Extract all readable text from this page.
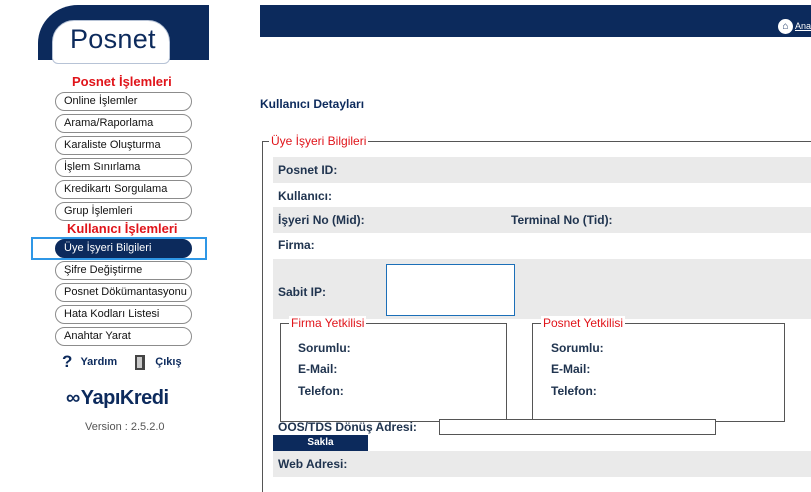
Posnet
Posnet İşlemleri
Online İşlemler
Arama/Raporlama
Karaliste Oluşturma
İşlem Sınırlama
Kredikartı Sorgulama
Grup İşlemleri
Kullanıcı İşlemleri
Üye İşyeri Bilgileri
Şifre Değiştirme
Posnet Dökümantasyonu
Hata Kodları Listesi
Anahtar Yarat
? Yardım	Çıkış
∞YapıKredi
Version : 2.5.2.0
⌂ Ana
Kullanıcı Detayları
Üye İşyeri Bilgileri
Posnet ID:
Kullanıcı:
İşyeri No (Mid):	Terminal No (Tid):
Firma:
Sabit IP:
Firma Yetkilisi
Sorumlu:
E-Mail:
Telefon:
Posnet Yetkilisi
Sorumlu:
E-Mail:
Telefon:
OOS/TDS Dönüş Adresi:
Sakla
Web Adresi:
